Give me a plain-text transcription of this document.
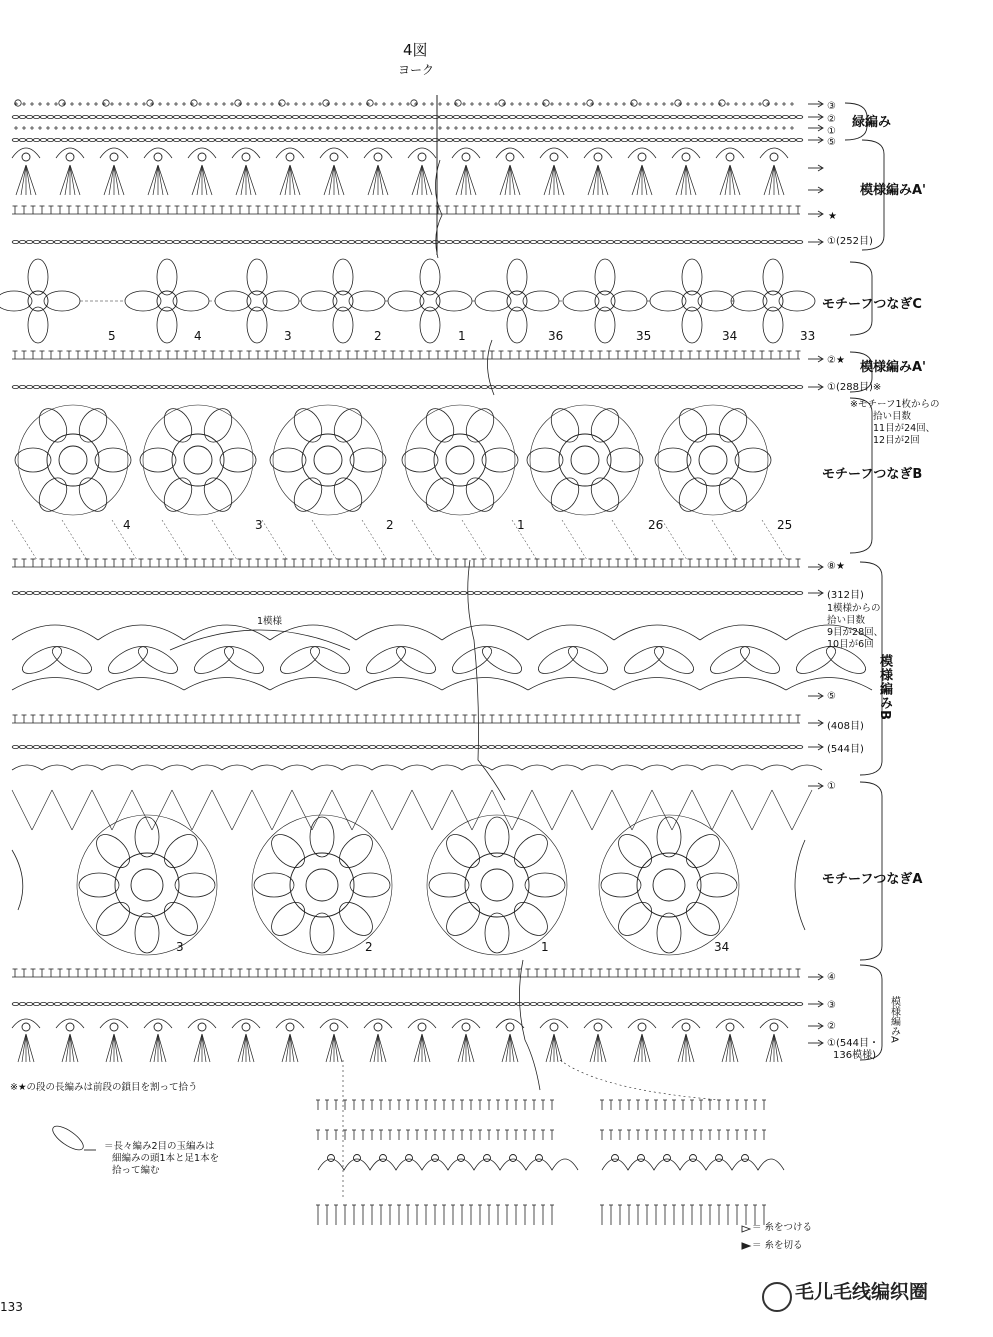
4図
ヨーク
③
②
①
⑤
緑編み
模様編みA'
★
①(252目)
モチーフつなぎC
②★ 模様編みA'
①(288目)※
※モチーフ1枚からの
拾い目数
11目が24回、
12目が2回
モチーフつなぎB
⑧★
(312目)
1模様からの
拾い目数
9目が28回、
10目が6回
模様編みB
⑤
(408目)
(544目)
①
モチーフつなぎA
④
③
②
①(544目・
136模様)
模様編みA
5	4	3	2	1	36	35	34	33
4	3	2	1	26	25
3	2	1	34
1模様
※★の段の長編みは前段の鎖目を割って拾う
＝長々編み2目の玉編みは
細編みの頭1本と足1本を
拾って編む
＝ 糸をつける
＝ 糸を切る
133
毛儿毛线编织圈
